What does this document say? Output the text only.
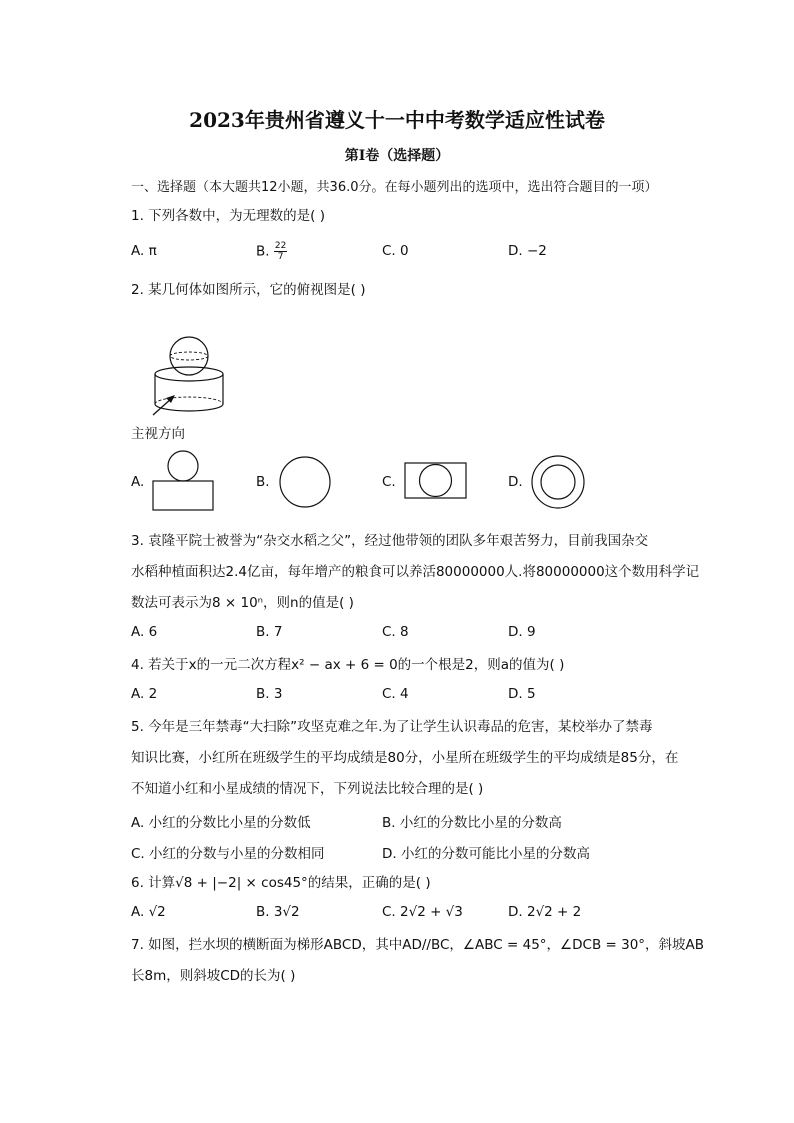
2023年贵州省遵义十一中中考数学适应性试卷
第I卷（选择题）
一、选择题（本大题共12小题，共36.0分。在每小题列出的选项中，选出符合题目的一项）
1. 下列各数中，为无理数的是( )
A. π	B. $\frac{22}{7}$	C. 0	D. −2
2. 某几何体如图所示，它的俯视图是( )
主视方向
A.	B.	C.	D.
3. 袁隆平院士被誉为“杂交水稻之父”，经过他带领的团队多年艰苦努力，目前我国杂交
水稻种植面积达2.4亿亩，每年增产的粮食可以养活80000000人.将80000000这个数用科学记
数法可表示为8 × 10ⁿ，则n的值是( )
A. 6	B. 7	C. 8	D. 9
4. 若关于x的一元二次方程x² − ax + 6 = 0的一个根是2，则a的值为( )
A. 2	B. 3	C. 4	D. 5
5. 今年是三年禁毒“大扫除”攻坚克难之年.为了让学生认识毒品的危害，某校举办了禁毒
知识比赛，小红所在班级学生的平均成绩是80分，小星所在班级学生的平均成绩是85分，在
不知道小红和小星成绩的情况下，下列说法比较合理的是( )
A. 小红的分数比小星的分数低	B. 小红的分数比小星的分数高
C. 小红的分数与小星的分数相同	D. 小红的分数可能比小星的分数高
6. 计算√8 + |−2| × cos45°的结果，正确的是( )
A. √2	B. 3√2	C. 2√2 + √3	D. 2√2 + 2
7. 如图，拦水坝的横断面为梯形ABCD，其中AD//BC，∠ABC = 45°，∠DCB = 30°，斜坡AB
长8m，则斜坡CD的长为( )
